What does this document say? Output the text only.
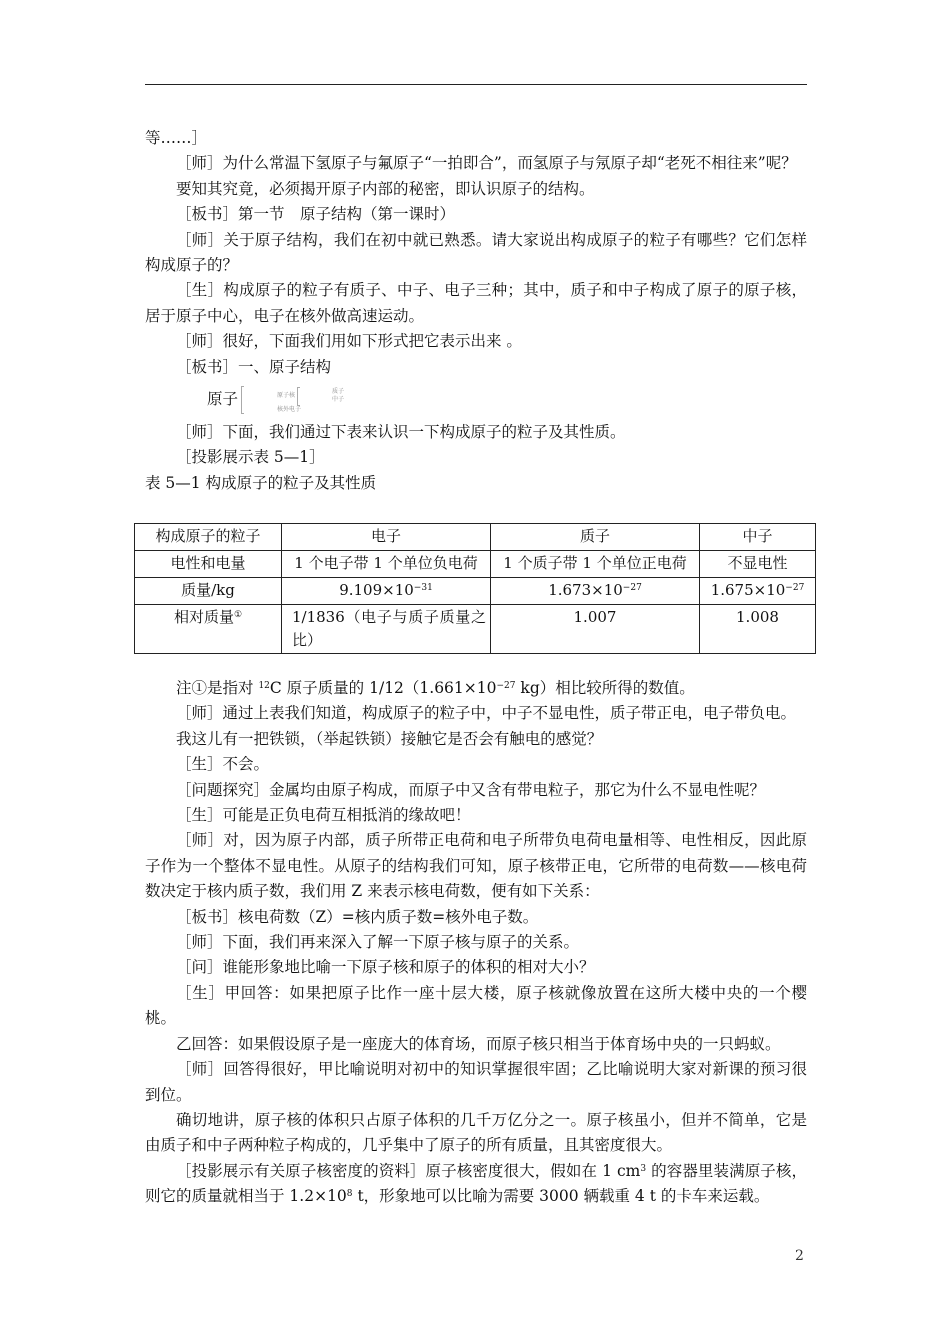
等……］

［师］为什么常温下氢原子与氟原子“一拍即合”，而氢原子与氖原子却“老死不相往来”呢？

要知其究竟，必须揭开原子内部的秘密，即认识原子的结构。

［板书］第一节　原子结构（第一课时）

［师］关于原子结构，我们在初中就已熟悉。请大家说出构成原子的粒子有哪些？它们怎样构成原子的？

［生］构成原子的粒子有质子、中子、电子三种；其中，质子和中子构成了原子的原子核，居于原子中心，电子在核外做高速运动。

［师］很好，下面我们用如下形式把它表示出来 。

［板书］一、原子结构

原子	原子核
质子
中子
核外电子

［师］下面，我们通过下表来认识一下构成原子的粒子及其性质。

［投影展示表 5—1］

表 5—1 构成原子的粒子及其性质

构成原子的粒子	电子	质子	中子
电性和电量	1 个电子带 1 个单位负电荷	1 个质子带 1 个单位正电荷	不显电性
质量/kg	$9.109\times 10^{-31}$	$1.673\times 10^{-27}$	$1.675\times 10^{-27}$
相对质量①	1/1836（电子与质子质量之比）	1.007	1.008

注①是指对 $^{12}$C 原子质量的 $1/12(1.661\times 10^{-27}$ kg）相比较所得的数值。

［师］通过上表我们知道，构成原子的粒子中，中子不显电性，质子带正电，电子带负电。

我这儿有一把铁锁，（举起铁锁）接触它是否会有触电的感觉？

［生］不会。

［问题探究］金属均由原子构成，而原子中又含有带电粒子，那它为什么不显电性呢？

［生］可能是正负电荷互相抵消的缘故吧！

［师］对，因为原子内部，质子所带正电荷和电子所带负电荷电量相等、电性相反，因此原子作为一个整体不显电性。从原子的结构我们可知，原子核带正电，它所带的电荷数——核电荷数决定于核内质子数，我们用 Z 来表示核电荷数，便有如下关系：

［板书］核电荷数（Z）=核内质子数=核外电子数。

［师］下面，我们再来深入了解一下原子核与原子的关系。

［问］谁能形象地比喻一下原子核和原子的体积的相对大小？

［生］甲回答：如果把原子比作一座十层大楼，原子核就像放置在这所大楼中央的一个樱桃。

乙回答：如果假设原子是一座庞大的体育场，而原子核只相当于体育场中央的一只蚂蚁。

［师］回答得很好，甲比喻说明对初中的知识掌握很牢固；乙比喻说明大家对新课的预习很到位。

确切地讲，原子核的体积只占原子体积的几千万亿分之一。原子核虽小，但并不简单，它是由质子和中子两种粒子构成的，几乎集中了原子的所有质量，且其密度很大。

［投影展示有关原子核密度的资料］原子核密度很大，假如在 1 $cm^3$ 的容器里装满原子核，则它的质量就相当于 $1.2\times 10^8$ t，形象地可以比喻为需要 3000 辆载重 4 t 的卡车来运载。

2
